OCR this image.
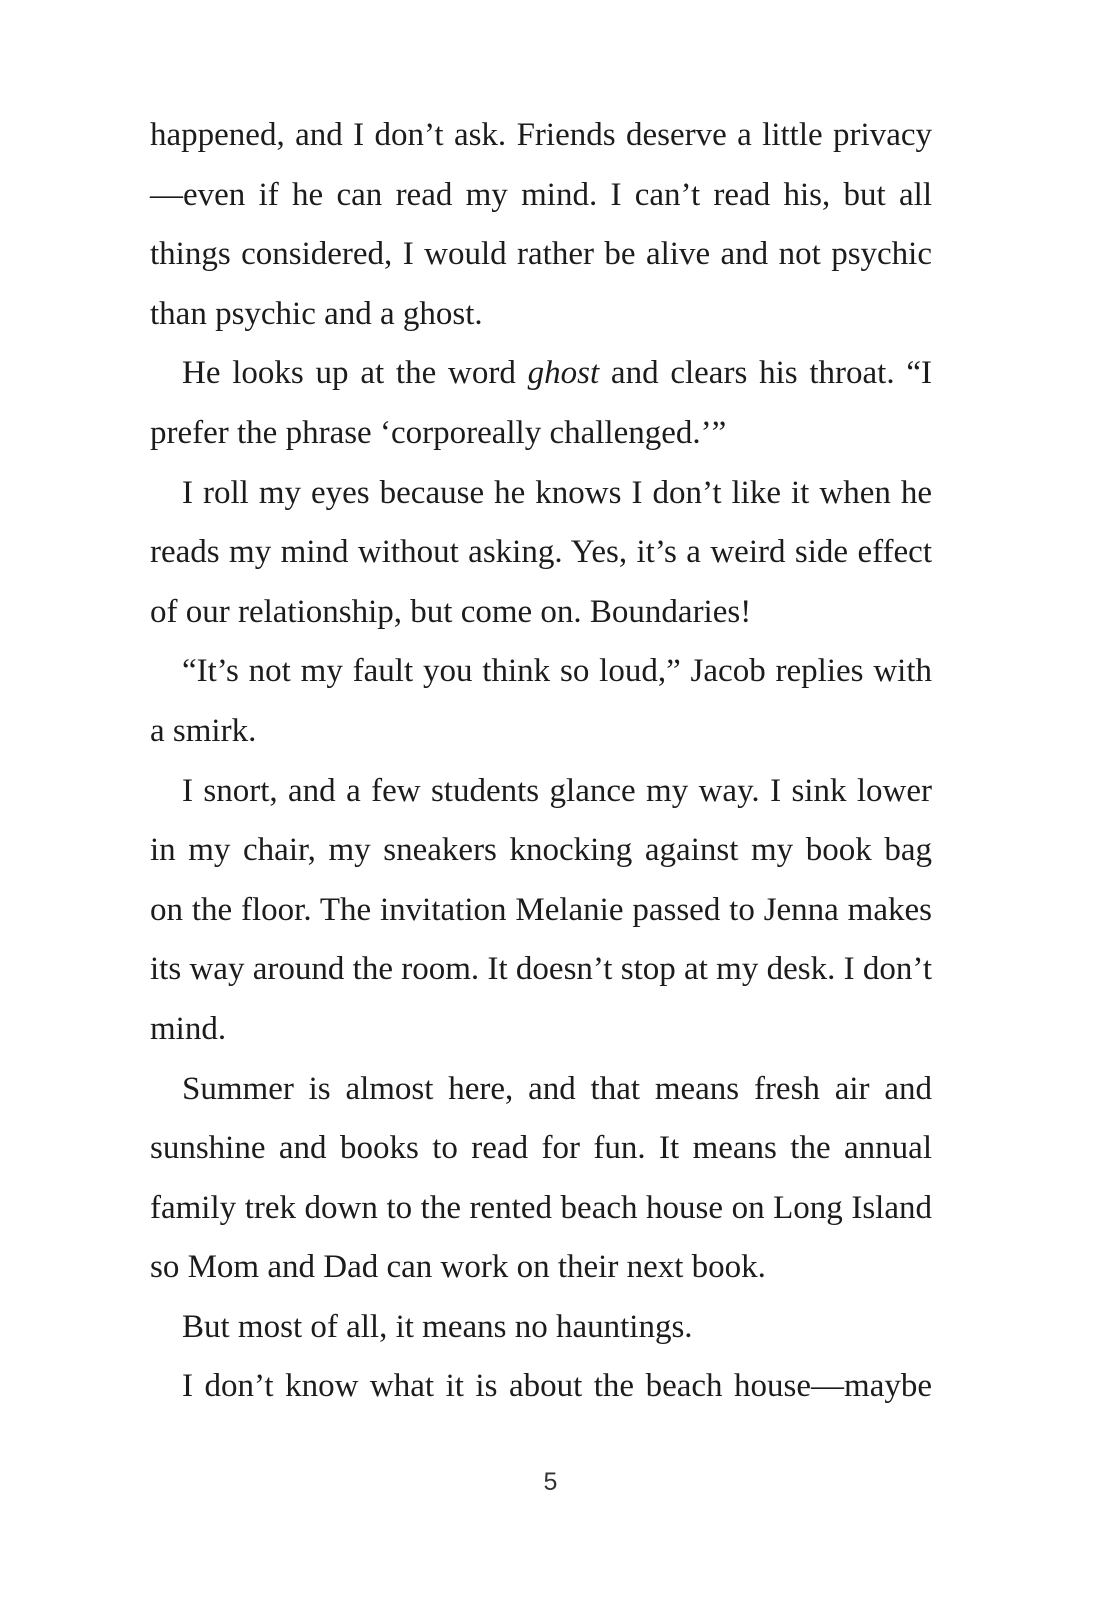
happened, and I don’t ask. Friends deserve a little privacy—even if he can read my mind. I can’t read his, but all things considered, I would rather be alive and not psychic than psychic and a ghost.

He looks up at the word ghost and clears his throat. “I prefer the phrase ‘corporeally challenged.’”

I roll my eyes because he knows I don’t like it when he reads my mind without asking. Yes, it’s a weird side effect of our relationship, but come on. Boundaries!

“It’s not my fault you think so loud,” Jacob replies with a smirk.

I snort, and a few students glance my way. I sink lower in my chair, my sneakers knocking against my book bag on the floor. The invitation Melanie passed to Jenna makes its way around the room. It doesn’t stop at my desk. I don’t mind.

Summer is almost here, and that means fresh air and sunshine and books to read for fun. It means the annual family trek down to the rented beach house on Long Island so Mom and Dad can work on their next book.

But most of all, it means no hauntings.

I don’t know what it is about the beach house—maybe

5
